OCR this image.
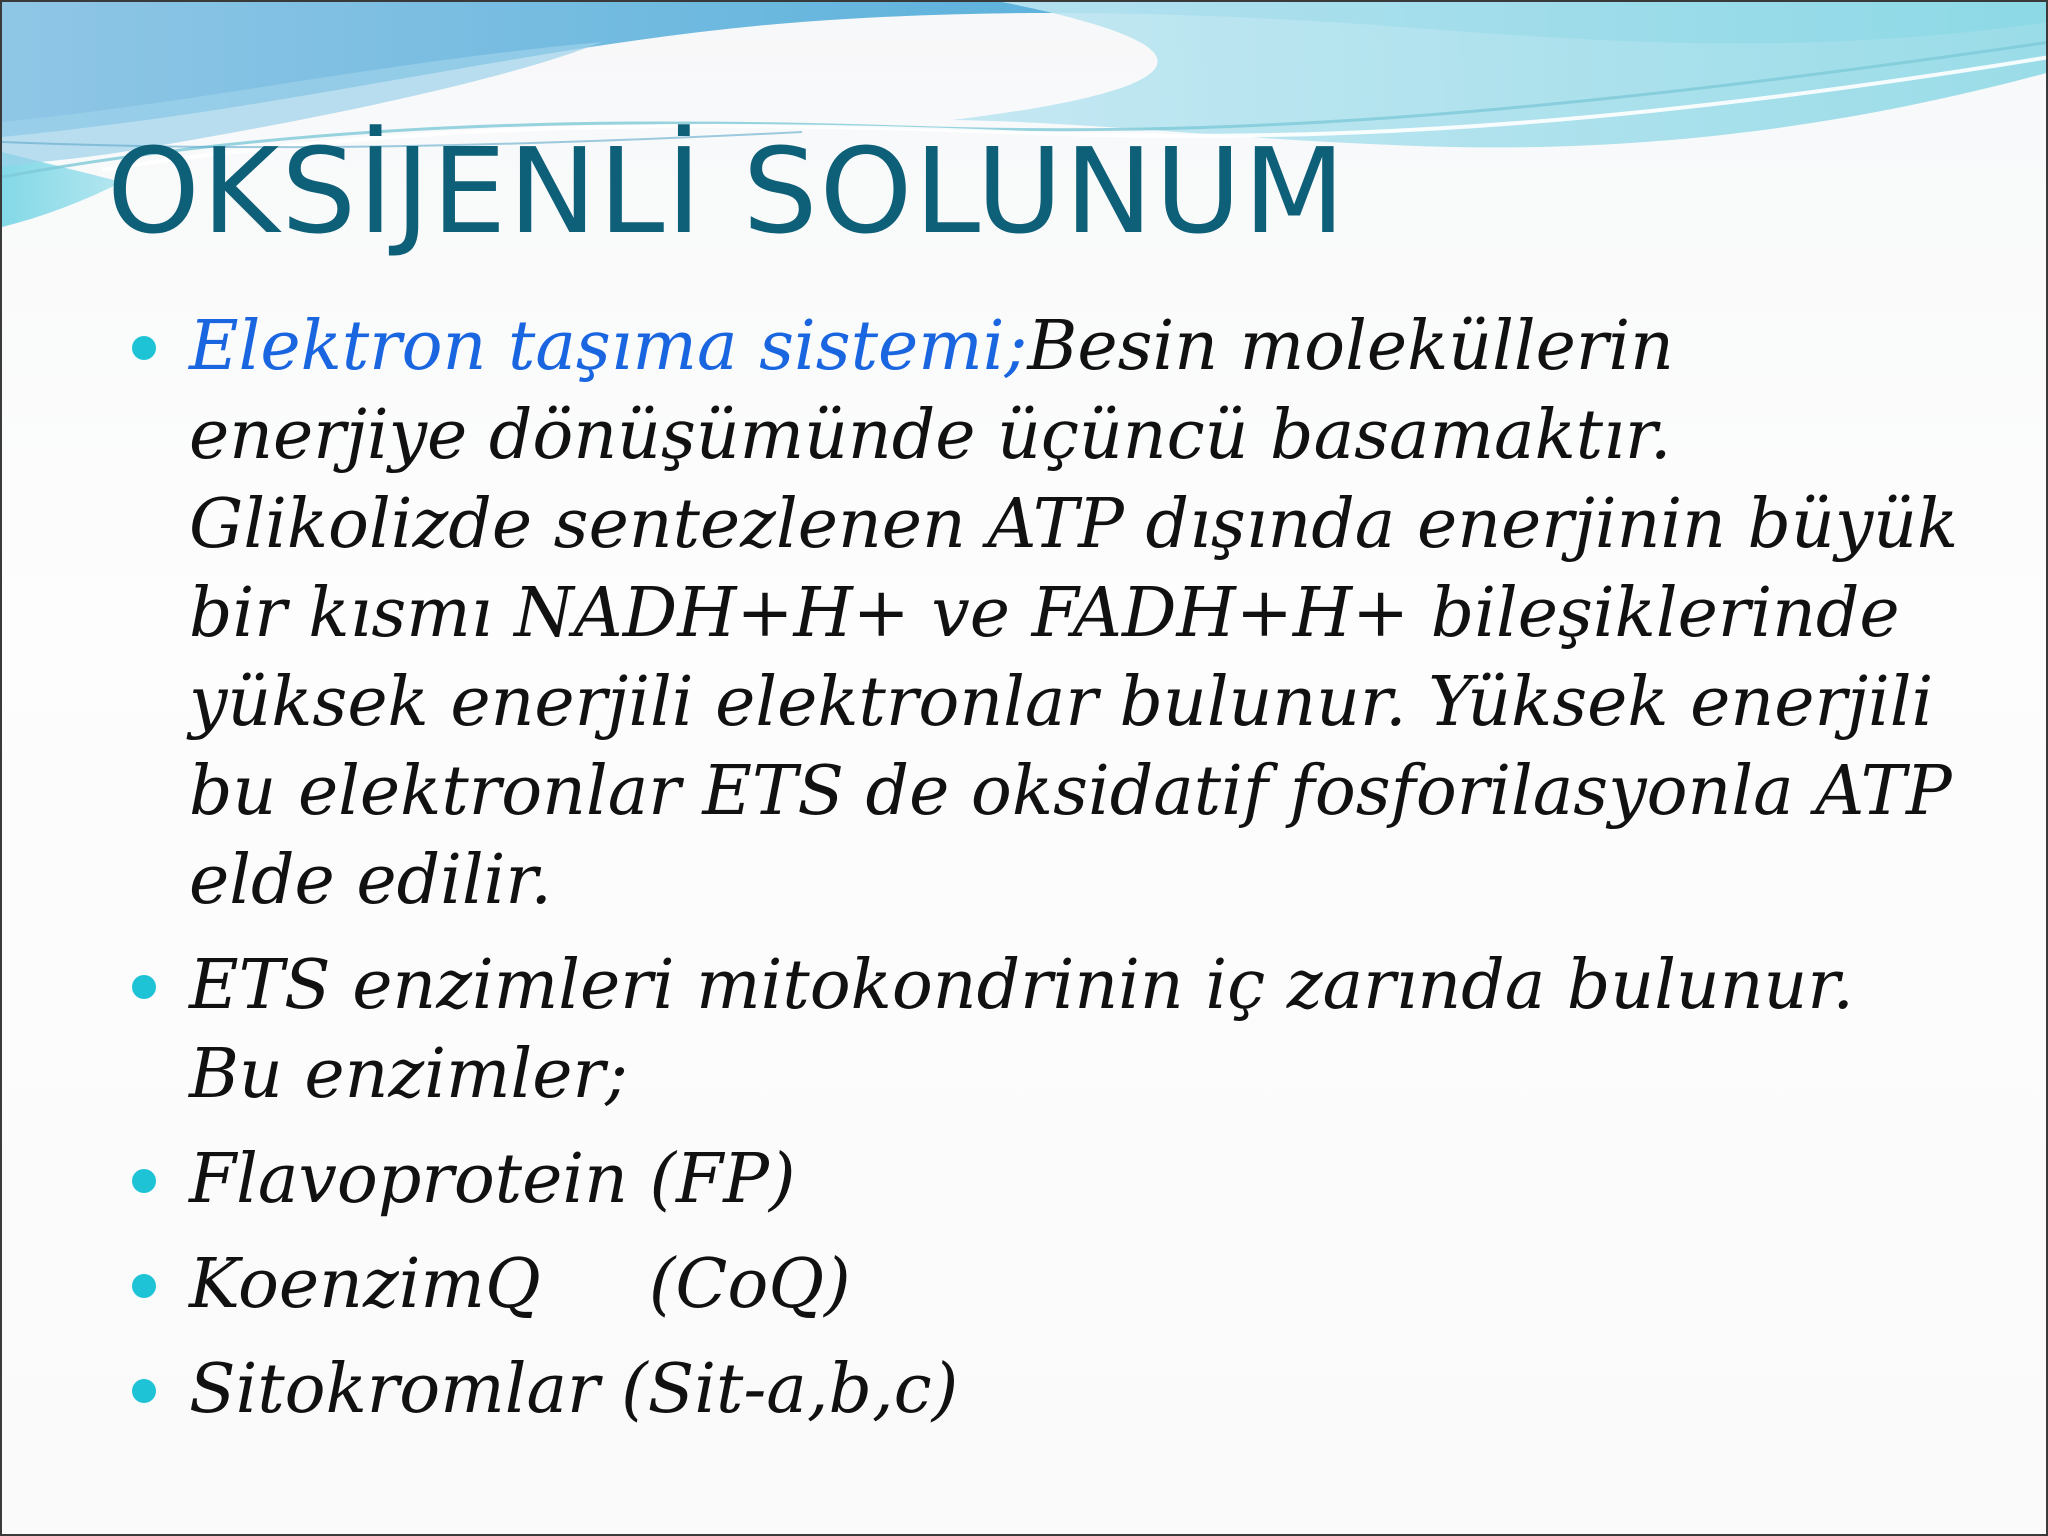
OKSİJENLİ SOLUNUM
Elektron taşıma sistemi;Besin moleküllerin enerjiye dönüşümünde üçüncü basamaktır. Glikolizde sentezlenen ATP dışında enerjinin büyük bir kısmı NADH+H+ ve FADH+H+ bileşiklerinde yüksek enerjili elektronlar bulunur. Yüksek enerjili bu elektronlar ETS de oksidatif fosforilasyonla ATP elde edilir.
ETS enzimleri mitokondrinin iç zarında bulunur. Bu enzimler;
Flavoprotein (FP)
KoenzimQ     (CoQ)
Sitokromlar (Sit-a,b,c)
